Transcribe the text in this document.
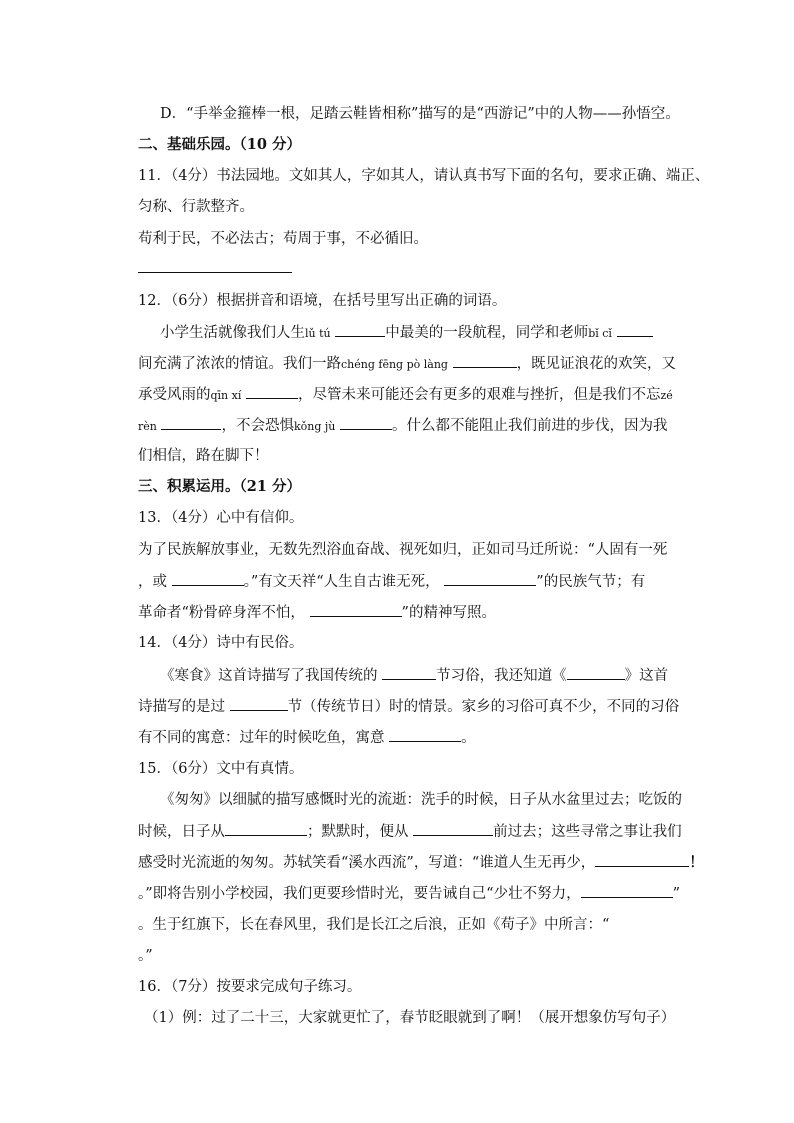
D．“手举金箍棒一根，足踏云鞋皆相称”描写的是“西游记”中的人物——孙悟空。
二、基础乐园。（10 分）
11．（4分）书法园地。文如其人，字如其人，请认真书写下面的名句，要求正确、端正、
匀称、行款整齐。
苟利于民，不必法古；苟周于事，不必循旧。
12．（6分）根据拼音和语境，在括号里写出正确的词语。
小学生活就像我们人生lǔ tú	中最美的一段航程，同学和老师bǐ cǐ
间充满了浓浓的情谊。我们一路chéng fēng pò làng	，既见证浪花的欢笑，又
承受风雨的qīn xí	，尽管未来可能还会有更多的艰难与挫折，但是我们不忘zé
rèn	，不会恐惧kǒng jù	。什么都不能阻止我们前进的步伐，因为我
们相信，路在脚下！
三、积累运用。（21 分）
13．（4分）心中有信仰。
为了民族解放事业，无数先烈浴血奋战、视死如归，正如司马迁所说：“人固有一死
，或	。”有文天祥“人生自古谁无死，	”的民族气节；有
革命者“粉骨碎身浑不怕，	”的精神写照。
14．（4分）诗中有民俗。
《寒食》这首诗描写了我国传统的	节习俗，我还知道《	》这首
诗描写的是过	节（传统节日）时的情景。家乡的习俗可真不少，不同的习俗
有不同的寓意：过年的时候吃鱼，寓意	。
15．（6分）文中有真情。
《匆匆》以细腻的描写感慨时光的流逝：洗手的时候，日子从水盆里过去；吃饭的
时候，日子从	；默默时，便从	前过去；这些寻常之事让我们
感受时光流逝的匆匆。苏轼笑看“溪水西流”，写道：“谁道人生无再少，	！
。”即将告别小学校园，我们更要珍惜时光，要告诫自己“少壮不努力，	”
。生于红旗下，长在春风里，我们是长江之后浪，正如《苟子》中所言：“
。”
16．（7分）按要求完成句子练习。
（1）例：过了二十三，大家就更忙了，春节眨眼就到了啊！（展开想象仿写句子）
